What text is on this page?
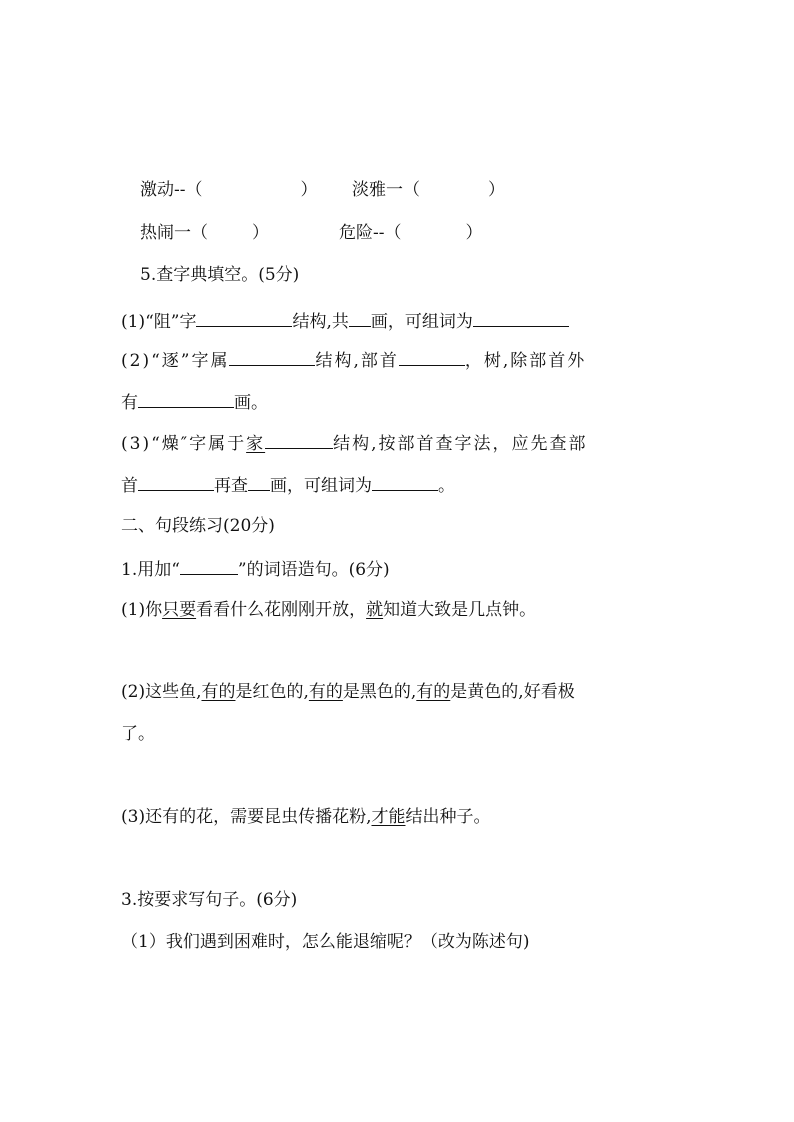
激动--（	） 淡雅一（	）
热闹一（	）	危险--（	）
5.查字典填空。(5分)
(1)“阻”字	结构,共 画，可组词为
(2)“逐”字属	结构,部首	，树,除部首外
有	画。
(3)“燥″字属于家	结构,按部首查字法，应先查部
首	再查 画，可组词为	。
二、句段练习(20分)
1.用加“	”的词语造句。(6分)
(1)你只要看看什么花刚刚开放，就知道大致是几点钟。
(2)这些鱼,有的是红色的,有的是黑色的,有的是黄色的,好看极
了。
(3)还有的花，需要昆虫传播花粉,才能结出种子。
3.按要求写句子。(6分)
（1）我们遇到困难时，怎么能退缩呢？（改为陈述句)
